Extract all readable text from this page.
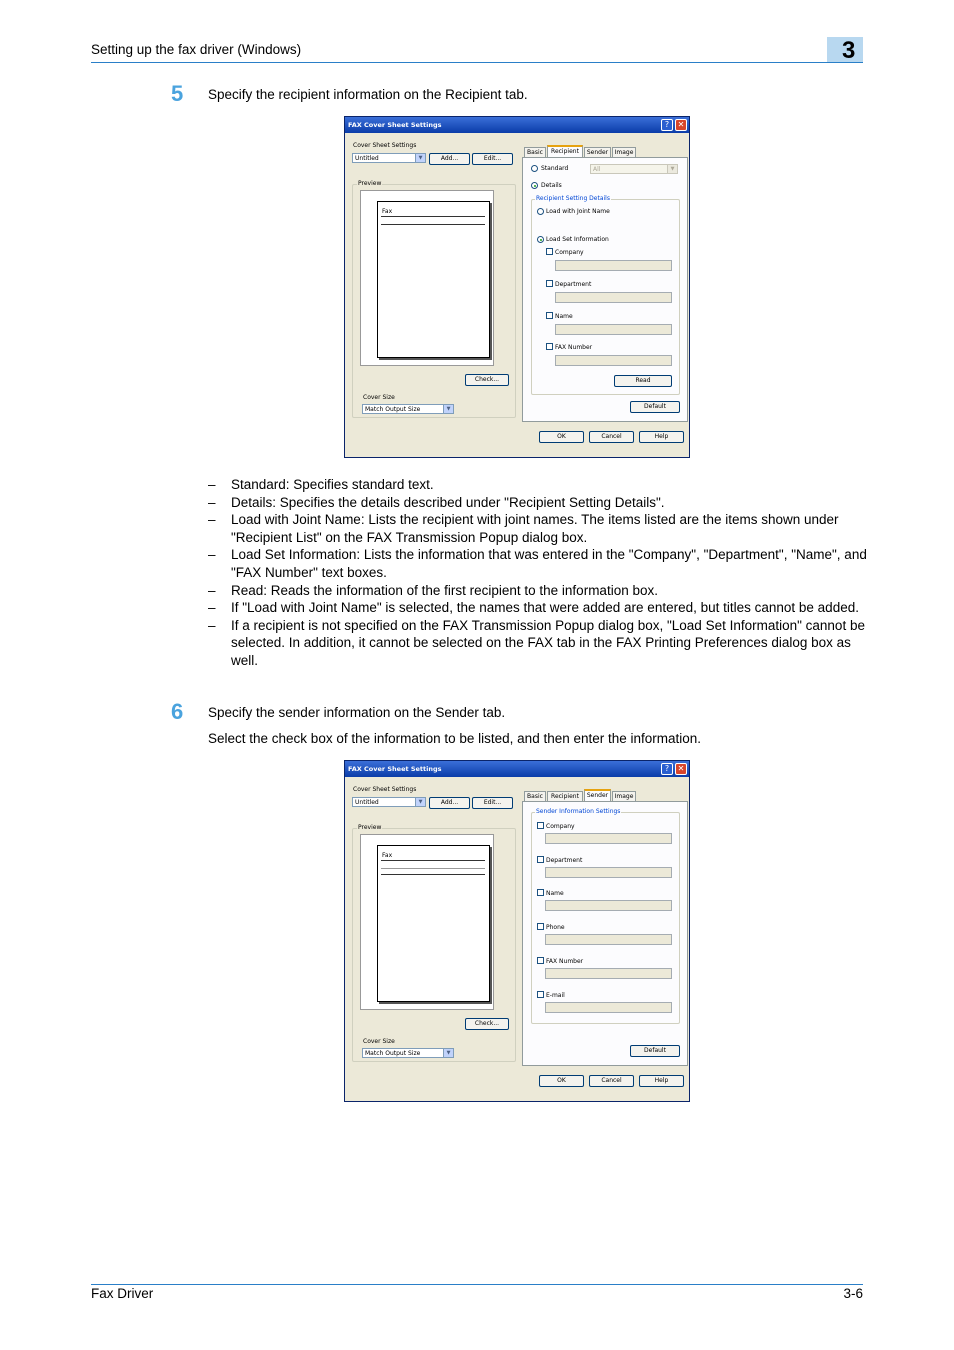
Setting up the fax driver (Windows)	3
5 Specify the recipient information on the Recipient tab.
FAX Cover Sheet Settings	?	✕
Cover Sheet Settings
Untitled	▼	Add...	Edit...
Preview
Fax
Check...
Cover Size
Match Output Size	▼
Basic	Recipient	Sender	Image
Standard	All	▼
Details
Recipient Setting Details
Load with Joint Name
Load Set Information
Company
Department
Name
FAX Number
Read
Default
OK	Cancel	Help
– Standard: Specifies standard text.
– Details: Specifies the details described under "Recipient Setting Details".
– Load with Joint Name: Lists the recipient with joint names. The items listed are the items shown under "Recipient List" on the FAX Transmission Popup dialog box.
– Load Set Information: Lists the information that was entered in the "Company", "Department", "Name", and "FAX Number" text boxes.
– Read: Reads the information of the first recipient to the information box.
– If "Load with Joint Name" is selected, the names that were added are entered, but titles cannot be added.
– If a recipient is not specified on the FAX Transmission Popup dialog box, "Load Set Information" cannot be selected. In addition, it cannot be selected on the FAX tab in the FAX Printing Preferences dialog box as well.
6 Specify the sender information on the Sender tab.
Select the check box of the information to be listed, and then enter the information.
FAX Cover Sheet Settings	?	✕
Cover Sheet Settings
Untitled	▼	Add...	Edit...
Preview
Fax
Check...
Cover Size
Match Output Size	▼
Basic	Recipient	Sender	Image
Sender Information Settings
Company
Department
Name
Phone
FAX Number
E-mail
Default
OK	Cancel	Help
Fax Driver	3-6
